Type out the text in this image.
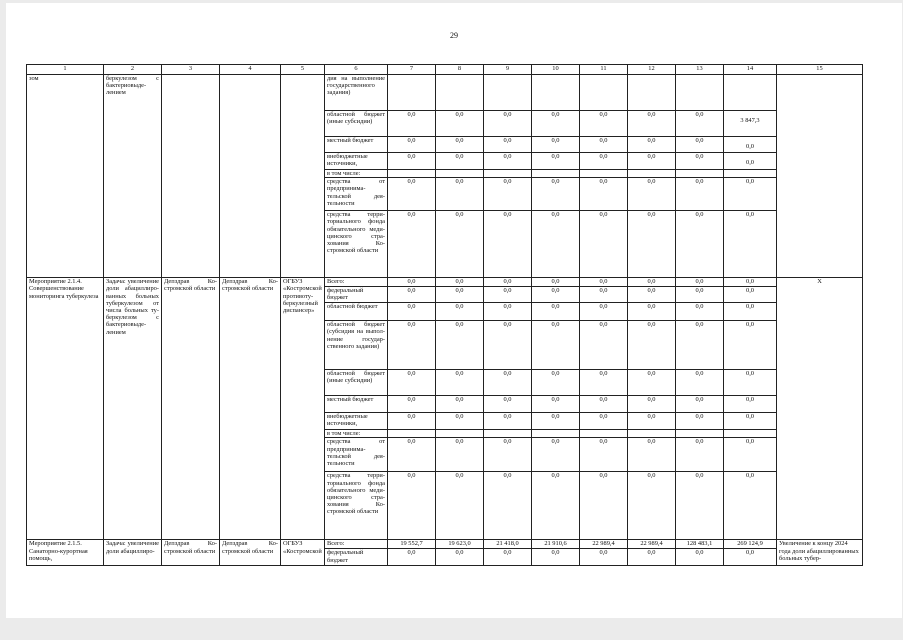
29
1	2	3	4	5	6	7	8	9	10	11	12	13	14	15
зом	беркулезом с бактериовыделением				дия на выполнение государственного задания)									
					областной бюджет (иные субсидии)	0,0	0,0	0,0	0,0	0,0	0,0	0,0	3 847,3	

					местный бюджет	0,0	0,0	0,0	0,0	0,0	0,0	0,0	0,0	

					внебюджетные источники,	0,0	0,0	0,0	0,0	0,0	0,0	0,0	0,0	

					в том числе:									
					средства от предпринимательской деятельности	0,0	0,0	0,0	0,0	0,0	0,0	0,0	0,0	
					средства территориального фонда обязательного медицинского страхования Костромской области	0,0	0,0	0,0	0,0	0,0	0,0	0,0	0,0	
Мероприятие 2.1.4. Совершенствование мониторинга туберкулеза	Задача: увеличение доли абациллированных больных туберкулезом от числа больных туберкулезом с бактериовыделением	Депздрав Костромской области	Депздрав Костромской области	ОГБУЗ «Костромской противотуберкулезный диспансер»	Всего:	0,0	0,0	0,0	0,0	0,0	0,0	0,0	0,0	X
					федеральный бюджет	0,0	0,0	0,0	0,0	0,0	0,0	0,0	0,0	
					областной бюджет	0,0	0,0	0,0	0,0	0,0	0,0	0,0	0,0	
					областной бюджет (субсидия на выполнение государственного задания)	0,0	0,0	0,0	0,0	0,0	0,0	0,0	0,0	
					областной бюджет (иные субсидии)	0,0	0,0	0,0	0,0	0,0	0,0	0,0	0,0	
					местный бюджет	0,0	0,0	0,0	0,0	0,0	0,0	0,0	0,0	
					внебюджетные источники,	0,0	0,0	0,0	0,0	0,0	0,0	0,0	0,0	
					в том числе:									
					средства от предпринимательской деятельности	0,0	0,0	0,0	0,0	0,0	0,0	0,0	0,0	
					средства территориального фонда обязательного медицинского страхования Костромской области	0,0	0,0	0,0	0,0	0,0	0,0	0,0	0,0	
Мероприятие 2.1.5. Санаторно-курортная помощь,	Задача: увеличение доли абациллиро-	Депздрав Костромской области	Депздрав Костромской области	ОГБУЗ «Костромской	Всего:	19 552,7	19 623,0	21 418,0	21 910,6	22 989,4	22 989,4	128 483,1	269 124,9	Увеличение к концу 2024 года доли абациллированных больных тубер-
					федеральный бюджет	0,0	0,0	0,0	0,0	0,0	0,0	0,0	0,0	
